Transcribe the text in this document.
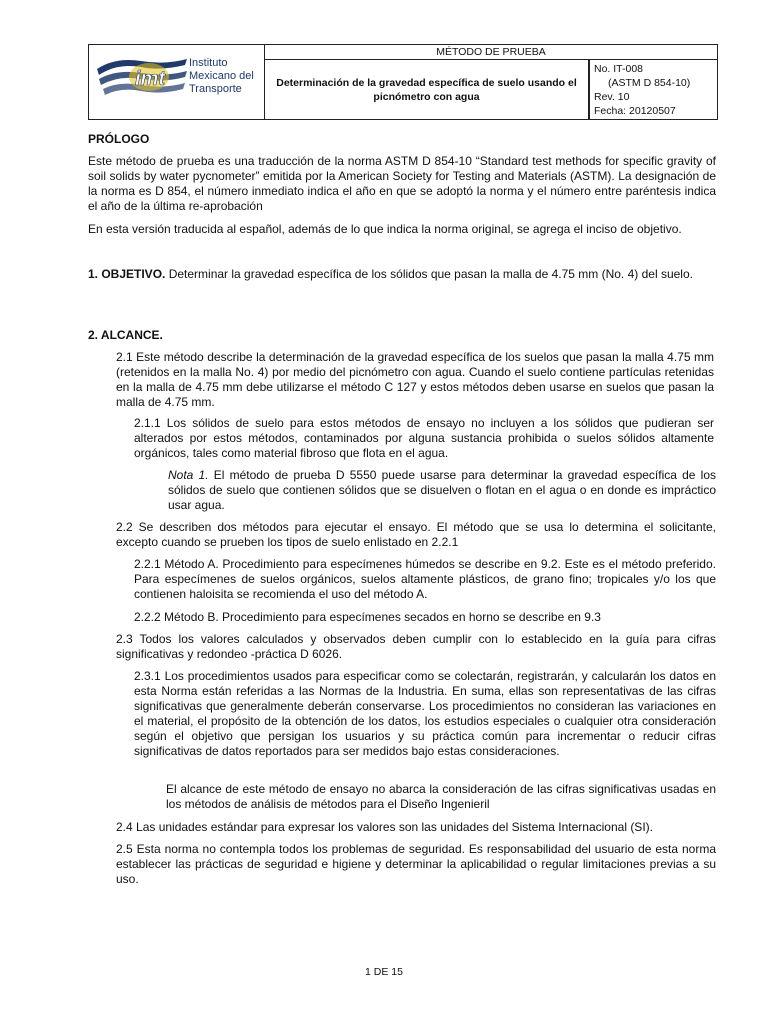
imt
Instituto
Mexicano del
Transporte
MÉTODO DE PRUEBA
Determinación de la gravedad específica de suelo usando el picnómetro con agua
No. IT-008
(ASTM D 854-10)
Rev. 10
Fecha: 20120507
PRÓLOGO
Este método de prueba es una traducción de la norma ASTM D 854-10 “Standard test methods for specific gravity of soil solids by water pycnometer” emitida por la American Society for Testing and Materials (ASTM). La designación de la norma es D 854, el número inmediato indica el año en que se adoptó la norma y el número entre paréntesis indica el año de la última re-aprobación
En esta versión traducida al español, además de lo que indica la norma original, se agrega el inciso de objetivo.
1. OBJETIVO. Determinar la gravedad específica de los sólidos que pasan la malla de 4.75 mm (No. 4) del suelo.
2. ALCANCE.
2.1 Este método describe la determinación de la gravedad específica de los suelos que pasan la malla 4.75 mm (retenidos en la malla No. 4) por medio del picnómetro con agua. Cuando el suelo contiene partículas retenidas en la malla de 4.75 mm debe utilizarse el método C 127 y estos métodos deben usarse en suelos que pasan la malla de 4.75 mm.
2.1.1 Los sólidos de suelo para estos métodos de ensayo no incluyen a los sólidos que pudieran ser alterados por estos métodos, contaminados por alguna sustancia prohibida o suelos sólidos altamente orgánicos, tales como material fibroso que flota en el agua.
Nota 1. El método de prueba D 5550 puede usarse para determinar la gravedad específica de los sólidos de suelo que contienen sólidos que se disuelven o flotan en el agua o en donde es impráctico usar agua.
2.2 Se describen dos métodos para ejecutar el ensayo. El método que se usa lo determina el solicitante, excepto cuando se prueben los tipos de suelo enlistado en 2.2.1
2.2.1 Método A. Procedimiento para especímenes húmedos se describe en 9.2. Este es el método preferido. Para especímenes de suelos orgánicos, suelos altamente plásticos, de grano fino; tropicales y/o los que contienen haloisita se recomienda el uso del método A.
2.2.2 Método B. Procedimiento para especímenes secados en horno se describe en 9.3
2.3 Todos los valores calculados y observados deben cumplir con lo establecido en la guía para cifras significativas y redondeo -práctica D 6026.
2.3.1 Los procedimientos usados para especificar como se colectarán, registrarán, y calcularán los datos en esta Norma están referidas a las Normas de la Industria. En suma, ellas son representativas de las cifras significativas que generalmente deberán conservarse. Los procedimientos no consideran las variaciones en el material, el propósito de la obtención de los datos, los estudios especiales o cualquier otra consideración según el objetivo que persigan los usuarios y su práctica común para incrementar o reducir cifras significativas de datos reportados para ser medidos bajo estas consideraciones.
El alcance de este método de ensayo no abarca la consideración de las cifras significativas usadas en los métodos de análisis de métodos para el Diseño Ingenieril
2.4 Las unidades estándar para expresar los valores son las unidades del Sistema Internacional (SI).
2.5 Esta norma no contempla todos los problemas de seguridad. Es responsabilidad del usuario de esta norma establecer las prácticas de seguridad e higiene y determinar la aplicabilidad o regular limitaciones previas a su uso.
1 DE 15
